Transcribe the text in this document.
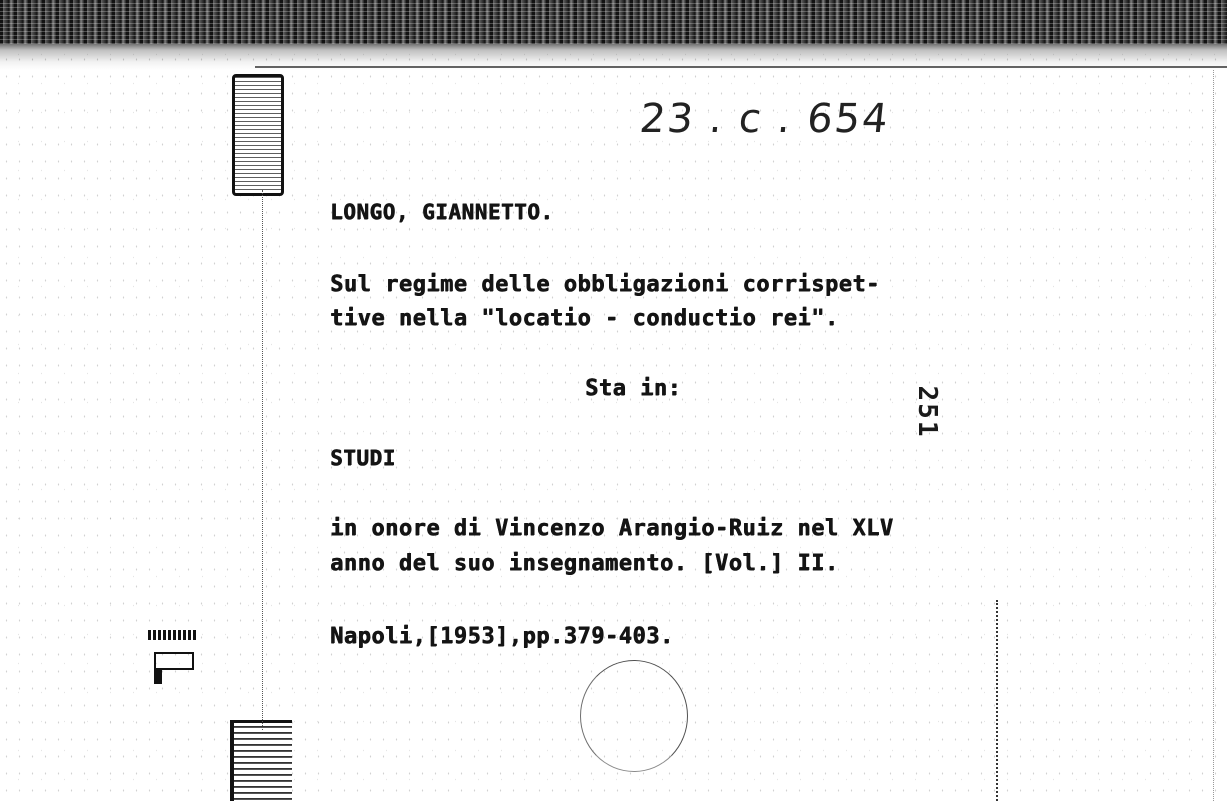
23 . c . 654
LONGO, GIANNETTO.
Sul regime delle obbligazioni corrispet-
tive nella "locatio - conductio rei".
Sta in:
STUDI
in onore di Vincenzo Arangio-Ruiz nel XLV
anno del suo insegnamento. [Vol.] II.
Napoli,[1953],pp.379-403.
251
